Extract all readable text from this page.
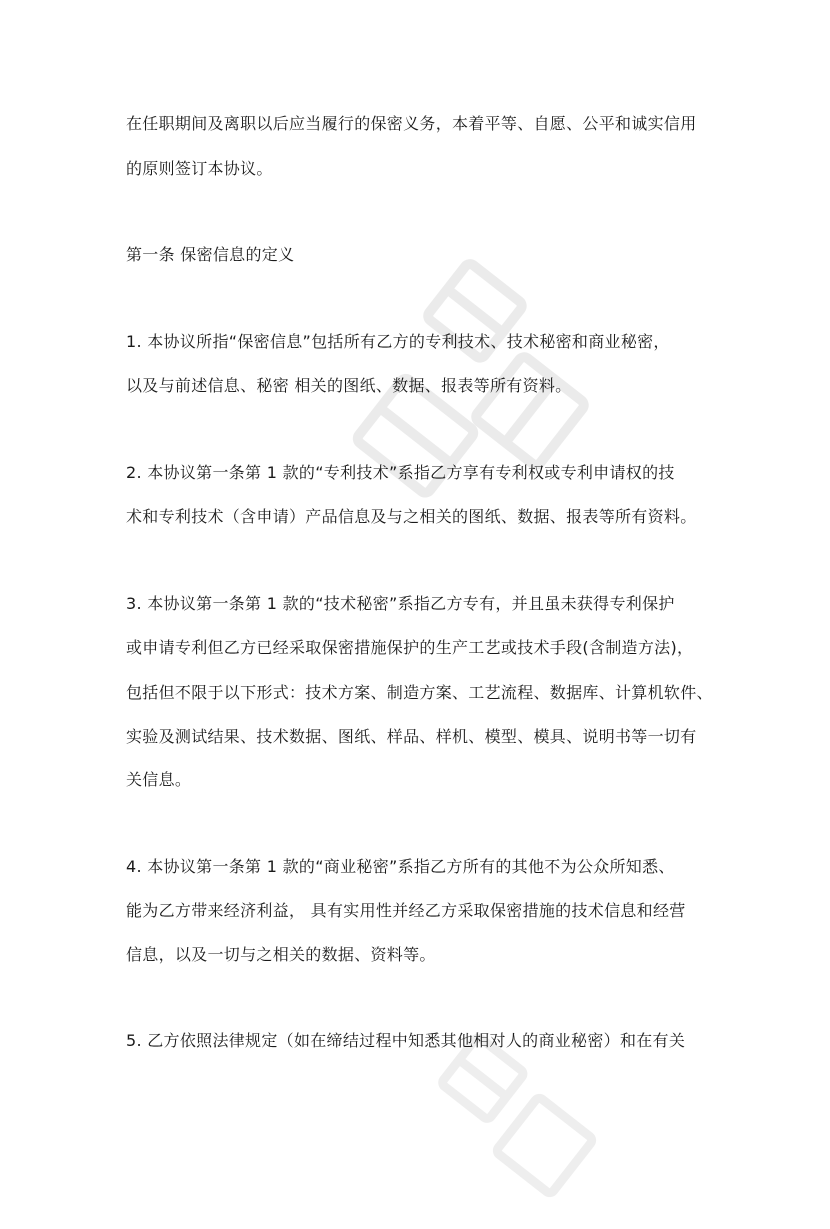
在任职期间及离职以后应当履行的保密义务，本着平等、自愿、公平和诚实信用
的原则签订本协议。
第一条 保密信息的定义
1. 本协议所指“保密信息”包括所有乙方的专利技术、技术秘密和商业秘密，
以及与前述信息、秘密 相关的图纸、数据、报表等所有资料。
2. 本协议第一条第 1 款的“专利技术”系指乙方享有专利权或专利申请权的技
术和专利技术（含申请）产品信息及与之相关的图纸、数据、报表等所有资料。
3. 本协议第一条第 1 款的“技术秘密”系指乙方专有，并且虽未获得专利保护
或申请专利但乙方已经采取保密措施保护的生产工艺或技术手段(含制造方法)，
包括但不限于以下形式：技术方案、制造方案、工艺流程、数据库、计算机软件、
实验及测试结果、技术数据、图纸、样品、样机、模型、模具、说明书等一切有
关信息。
4. 本协议第一条第 1 款的“商业秘密”系指乙方所有的其他不为公众所知悉、
能为乙方带来经济利益， 具有实用性并经乙方采取保密措施的技术信息和经营
信息，以及一切与之相关的数据、资料等。
5. 乙方依照法律规定（如在缔结过程中知悉其他相对人的商业秘密）和在有关
